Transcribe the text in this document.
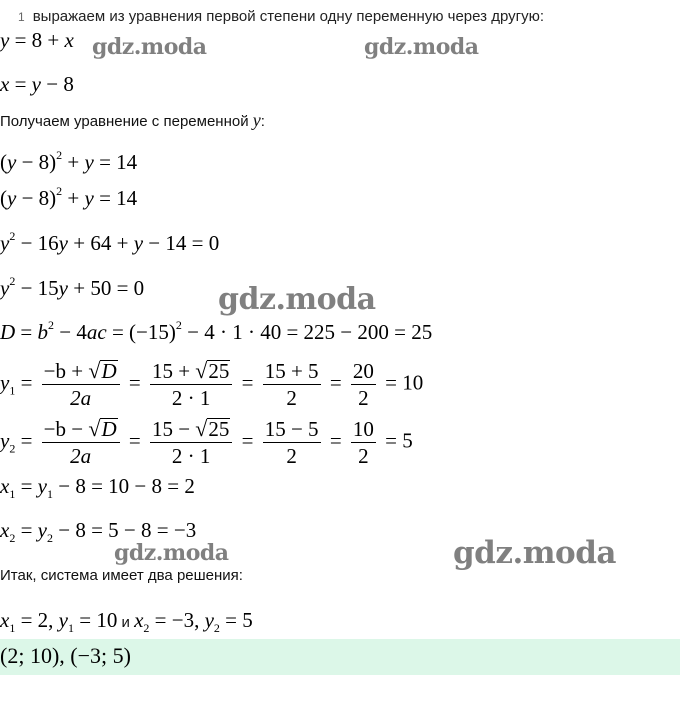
1 выражаем из уравнения первой степени одну переменную через другую:
y = 8 + x
x = y − 8
Получаем уравнение с переменной y:
$(y - 8)^2 + y = 14$
$(y - 8)^2 + y = 14$
$y^2 - 16y + 64 + y - 14 = 0$
$y^2 - 15y + 50 = 0$
$D = b^2 - 4ac = (-15)^2 - 4 \cdot 1 \cdot 40 = 225 - 200 = 25$
$y_1 = \frac{-b + √D}{2a} = \frac{15 + √25}{2 \cdot 1} = \frac{15 + 5}{2} = \frac{20}{2} = 10$
$y_2 = \frac{-b - √D}{2a} = \frac{15 - √25}{2 \cdot 1} = \frac{15 - 5}{2} = \frac{10}{2} = 5$
$x_1 = y_1 - 8 = 10 - 8 = 2$
$x_2 = y_2 - 8 = 5 - 8 = -3$
Итак, система имеет два решения:
$x_1 = 2$, $y_1 = 10$ и $x_2 = -3$, $y_2 = 5$
(2; 10), (−3; 5)
gdz.moda	gdz.moda
gdz.moda
gdz.moda	gdz.moda
